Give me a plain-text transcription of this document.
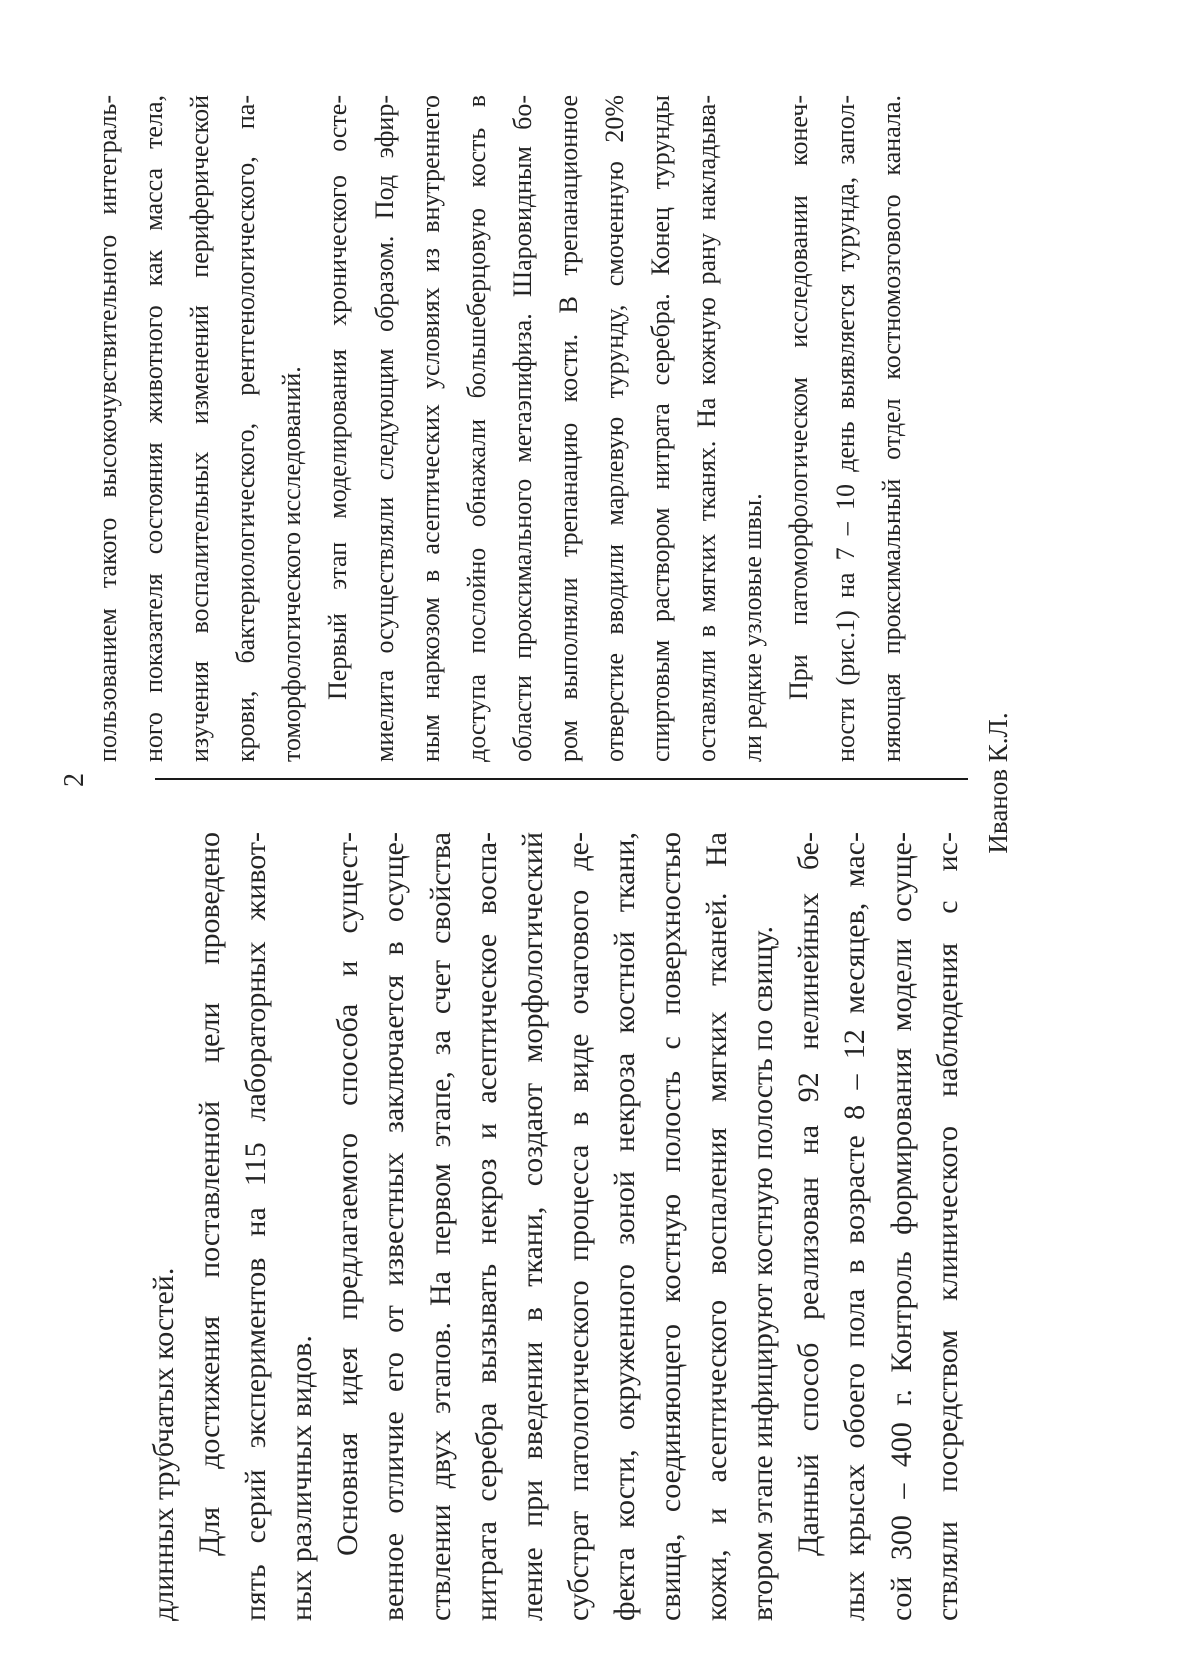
2
длинных трубчатых костей. Для достижения поставленной цели проведено пять серий экспериментов на 115 лабораторных живот- ных различных видов. Основная идея предлагаемого способа и сущест- венное отличие его от известных заключается в осуще- ствлении двух этапов. На первом этапе, за счет свойства нитрата серебра вызывать некроз и асептическое воспа- ление при введении в ткани, создают морфологический субстрат патологического процесса в виде очагового де- фекта кости, окруженного зоной некроза костной ткани, свища, соединяющего костную полость с поверхностью кожи, и асептического воспаления мягких тканей. На втором этапе инфицируют костную полость по свищу. Данный способ реализован на 92 нелинейных бе- лых крысах обоего пола в возрасте 8 – 12 месяцев, мас- сой 300 – 400 г. Контроль формирования модели осуще- ствляли посредством клинического наблюдения с ис-
пользованием такого высокочувствительного интеграль- ного показателя состояния животного как масса тела, изучения воспалительных изменений периферической крови, бактериологического, рентгенологического, па- томорфологического исследований. Первый этап моделирования хронического осте- миелита осуществляли следующим образом. Под эфир- ным наркозом в асептических условиях из внутреннего доступа послойно обнажали большеберцовую кость в области проксимального метаэпифиза. Шаровидным бо- ром выполняли трепанацию кости. В трепанационное отверстие вводили марлевую турунду, смоченную 20% спиртовым раствором нитрата серебра. Конец турунды оставляли в мягких тканях. На кожную рану накладыва- ли редкие узловые швы. При патоморфологическом исследовании конеч- ности (рис.1) на 7 – 10 день выявляется турунда, запол- няющая проксимальный отдел костномозгового канала.
Иванов К.Л.
